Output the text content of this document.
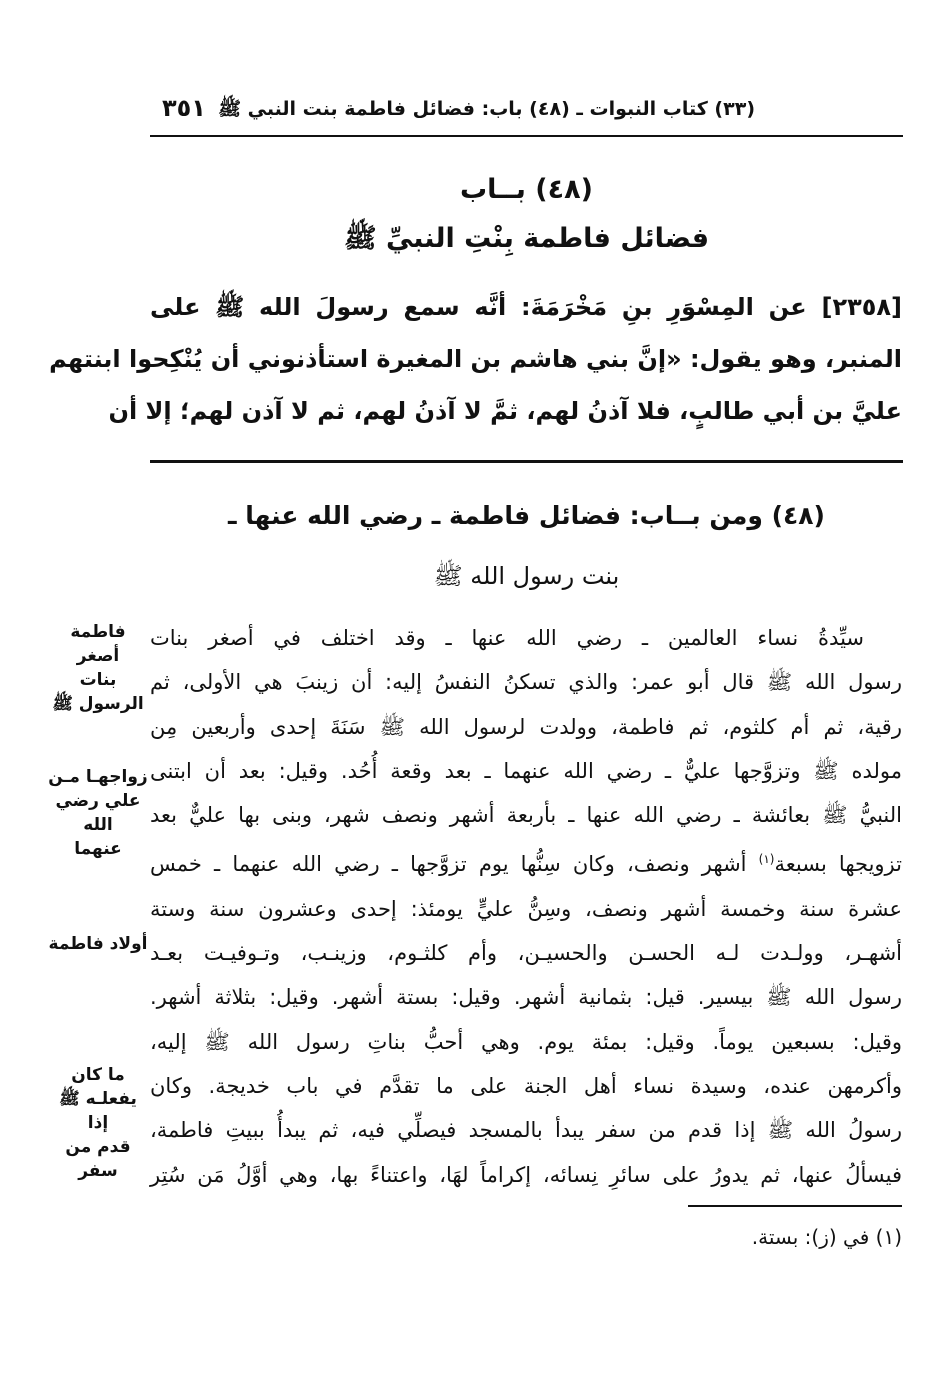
(٣٣) كتاب النبوات ـ (٤٨) باب: فضائل فاطمة بنت النبي ﷺ
٣٥١
(٤٨) بــاب
فضائل فاطمة بِنْتِ النبيِّ ﷺ
[٢٣٥٨] عن المِسْوَرِ بنِ مَخْرَمَةَ: أنَّه سمع رسولَ الله ﷺ على
المنبر، وهو يقول: «إنَّ بني هاشم بن المغيرة استأذنوني أن يُنْكِحوا ابنتهم
عليَّ بن أبي طالبٍ، فلا آذنُ لهم، ثمَّ لا آذنُ لهم، ثم لا آذن لهم؛ إلا أن
(٤٨) ومن بــاب: فضائل فاطمة ـ رضي الله عنها ـ
بنت رسول الله ﷺ
سيِّدةُ نساء العالمين ـ رضي الله عنها ـ وقد اختلف في أصغر بنات
رسول الله ﷺ قال أبو عمر: والذي تسكنُ النفسُ إليه: أن زينبَ هي الأولى، ثم
رقية، ثم أم كلثوم، ثم فاطمة، وولدت لرسول الله ﷺ سَنَةَ إحدى وأربعين مِن
مولده ﷺ وتزوَّجها عليٌّ ـ رضي الله عنهما ـ بعد وقعة أُحُد. وقيل: بعد أن ابتنى
النبيُّ ﷺ بعائشة ـ رضي الله عنها ـ بأربعة أشهر ونصف شهر، وبنى بها عليٌّ بعد
تزويجها بسبعة$^{(١)}$ أشهر ونصف، وكان سِنُّها يوم تزوَّجها ـ رضي الله عنهما ـ خمس
عشرة سنة وخمسة أشهر ونصف، وسِنُّ عليٍّ يومئذ: إحدى وعشرون سنة وستة
أشهـر، وولـدت لـه الحسـن والحسيـن، وأم كلثـوم، وزينـب، وتـوفيـت بعـد
رسول الله ﷺ بيسير. قيل: بثمانية أشهر. وقيل: بستة أشهر. وقيل: بثلاثة أشهر.
وقيل: بسبعين يوماً. وقيل: بمئة يوم. وهي أحبُّ بناتِ رسول الله ﷺ إليه،
وأكرمهن عنده، وسيدة نساء أهل الجنة على ما تقدَّم في باب خديجة. وكان
رسولُ الله ﷺ إذا قدم من سفر يبدأ بالمسجد فيصلِّي فيه، ثم يبدأُ ببيتِ فاطمة،
فيسألُ عنها، ثم يدورُ على سائرِ نِسائه، إكراماً لهَا، واعتناءً بها، وهي أوَّلُ مَن سُتِر
فاطمة أصغر
بنات
الرسول ﷺ
زواجهـا مـن
علي رضي الله
عنهما
أولاد فاطمة
ما كان
يفعلـه ﷺ إذا
قدم من سفر
(١) في (ز): بستة.
